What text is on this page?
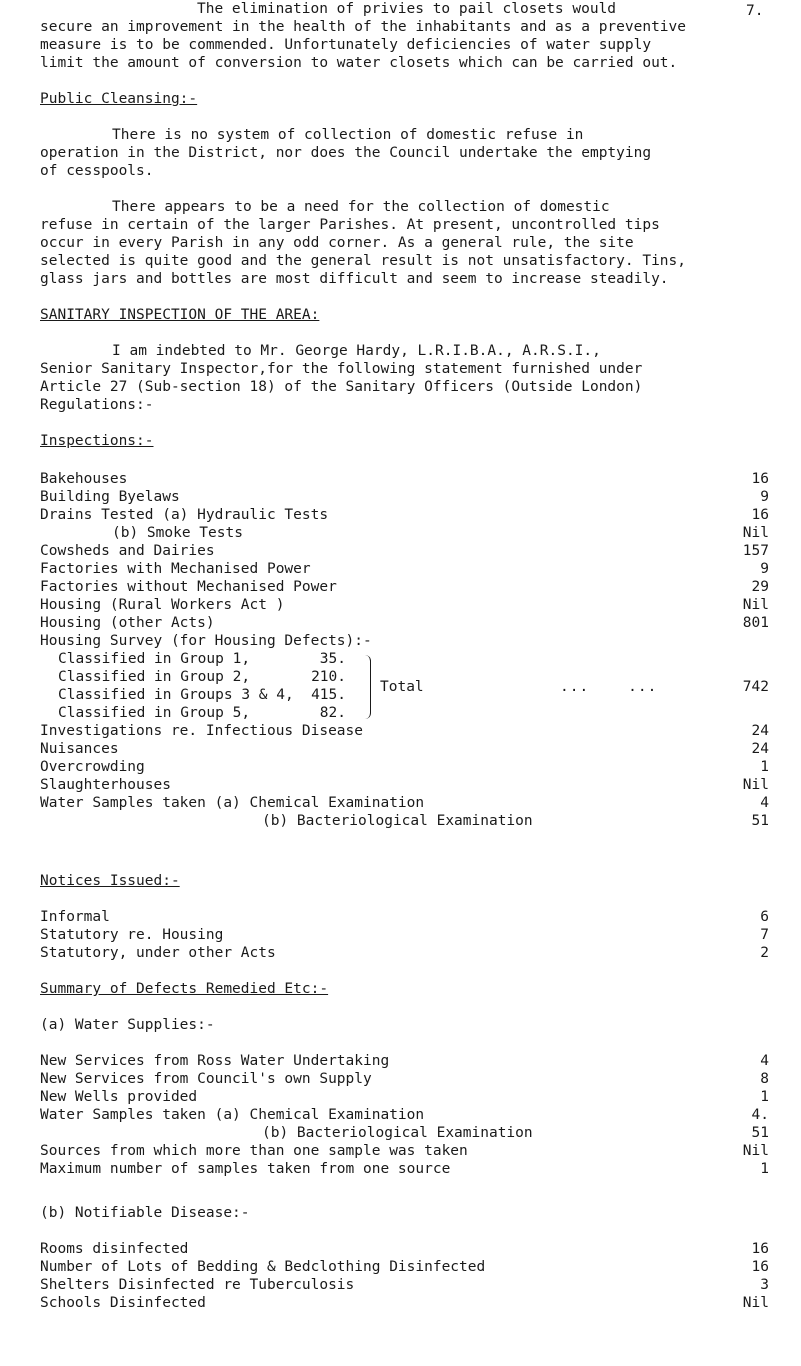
The elimination of privies to pail closets would	7.
secure an improvement in the health of the inhabitants and as a preventive
measure is to be commended. Unfortunately deficiencies of water supply
limit the amount of conversion to water closets which can be carried out.
Public Cleansing:-
There is no system of collection of domestic refuse in
operation in the District, nor does the Council undertake the emptying
of cesspools.
There appears to be a need for the collection of domestic
refuse in certain of the larger Parishes. At present, uncontrolled tips
occur in every Parish in any odd corner. As a general rule, the site
selected is quite good and the general result is not unsatisfactory. Tins,
glass jars and bottles are most difficult and seem to increase steadily.
SANITARY INSPECTION OF THE AREA:
I am indebted to Mr. George Hardy, L.R.I.B.A., A.R.S.I.,
Senior Sanitary Inspector,for the following statement furnished under
Article 27 (Sub-section 18) of the Sanitary Officers (Outside London)
Regulations:-
Inspections:-
Bakehouses	16
Building Byelaws	9
Drains Tested (a) Hydraulic Tests	16
(b) Smoke Tests	Nil
Cowsheds and Dairies	157
Factories with Mechanised Power	9
Factories without Mechanised Power	29
Housing (Rural Workers Act )	Nil
Housing (other Acts)	801
Housing Survey (for Housing Defects):-
Classified in Group 1,	35.
Classified in Group 2,	210.
Classified in Groups 3 & 4, 415.
Classified in Group 5,	82.
Total	...    ...	742
Investigations re. Infectious Disease	24
Nuisances	24
Overcrowding	1
Slaughterhouses	Nil
Water Samples taken (a) Chemical Examination	4
(b) Bacteriological Examination	51
Notices Issued:-
Informal	6
Statutory re. Housing	7
Statutory, under other Acts	2
Summary of Defects Remedied Etc:-
(a) Water Supplies:-
New Services from Ross Water Undertaking	4
New Services from Council's own Supply	8
New Wells provided	1
Water Samples taken (a) Chemical Examination	4.
(b) Bacteriological Examination	51
Sources from which more than one sample was taken	Nil
Maximum number of samples taken from one source	1
(b) Notifiable Disease:-
Rooms disinfected	16
Number of Lots of Bedding & Bedclothing Disinfected	16
Shelters Disinfected re Tuberculosis	3
Schools Disinfected	Nil
